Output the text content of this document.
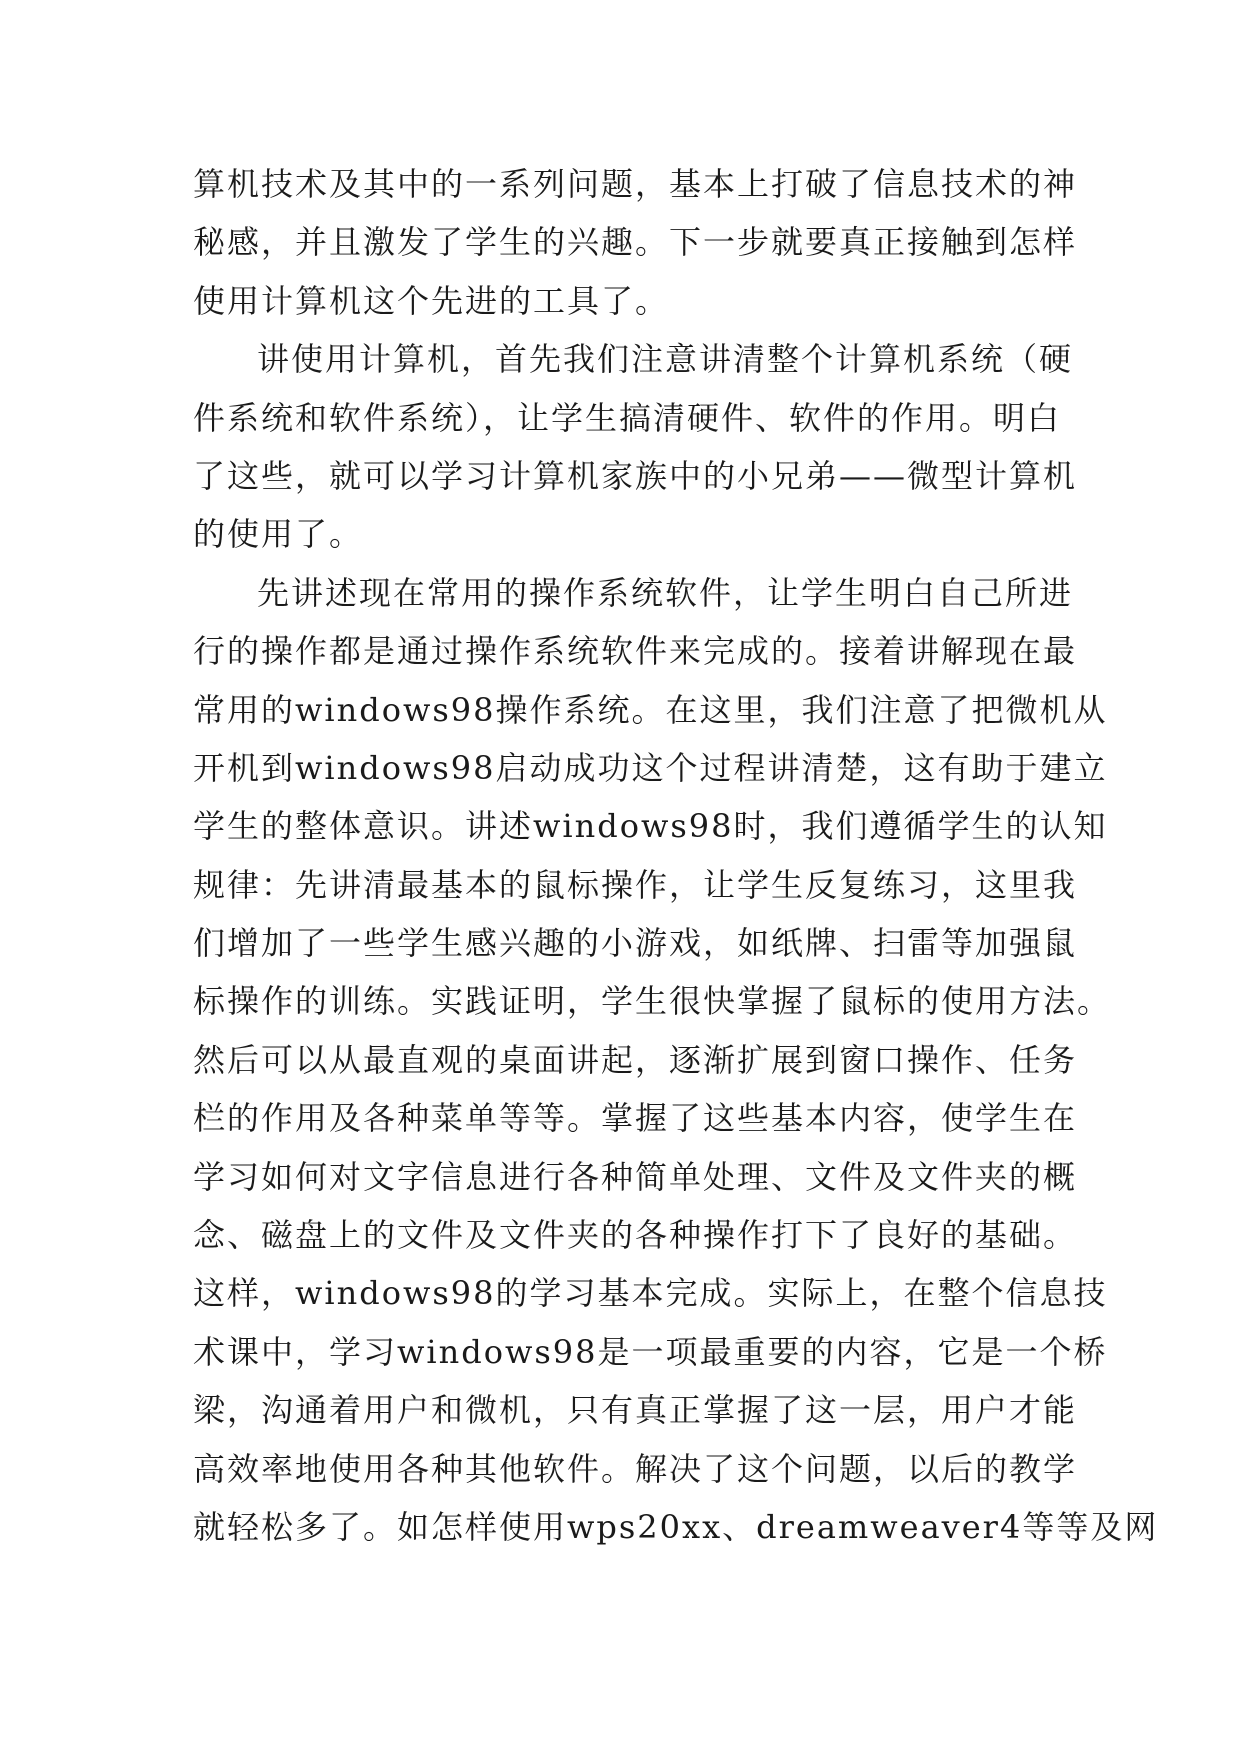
算机技术及其中的一系列问题，基本上打破了信息技术的神
秘感，并且激发了学生的兴趣。下一步就要真正接触到怎样
使用计算机这个先进的工具了。
讲使用计算机，首先我们注意讲清整个计算机系统（硬
件系统和软件系统），让学生搞清硬件、软件的作用。明白
了这些，就可以学习计算机家族中的小兄弟——微型计算机
的使用了。
先讲述现在常用的操作系统软件，让学生明白自己所进
行的操作都是通过操作系统软件来完成的。接着讲解现在最
常用的windows98操作系统。在这里，我们注意了把微机从
开机到windows98启动成功这个过程讲清楚，这有助于建立
学生的整体意识。讲述windows98时，我们遵循学生的认知
规律：先讲清最基本的鼠标操作，让学生反复练习，这里我
们增加了一些学生感兴趣的小游戏，如纸牌、扫雷等加强鼠
标操作的训练。实践证明，学生很快掌握了鼠标的使用方法。
然后可以从最直观的桌面讲起，逐渐扩展到窗口操作、任务
栏的作用及各种菜单等等。掌握了这些基本内容，使学生在
学习如何对文字信息进行各种简单处理、文件及文件夹的概
念、磁盘上的文件及文件夹的各种操作打下了良好的基础。
这样，windows98的学习基本完成。实际上，在整个信息技
术课中，学习windows98是一项最重要的内容，它是一个桥
梁，沟通着用户和微机，只有真正掌握了这一层，用户才能
高效率地使用各种其他软件。解决了这个问题，以后的教学
就轻松多了。如怎样使用wps20xx、dreamweaver4等等及网
